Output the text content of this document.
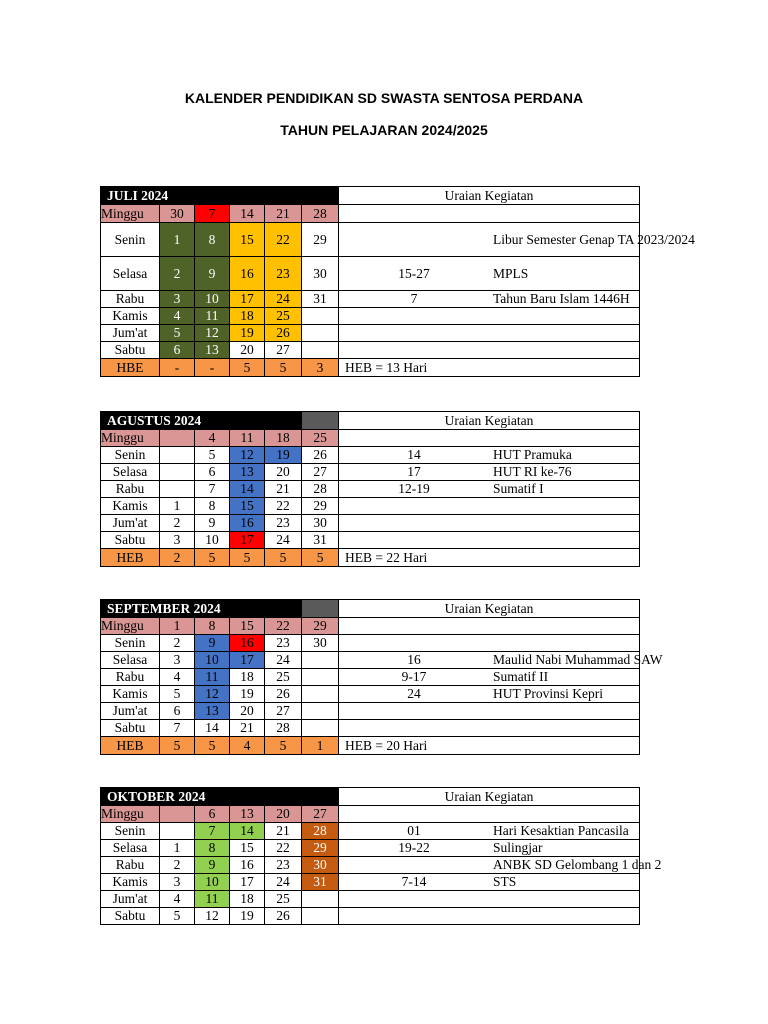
KALENDER PENDIDIKAN SD SWASTA SENTOSA PERDANA
TAHUN PELAJARAN 2024/2025
JULI 2024					
Minggu	30	7	14	21	28
Senin	1	8	15	22	29
Selasa	2	9	16	23	30
Rabu	3	10	17	24	31
Kamis	4	11	18	25	
Jum'at	5	12	19	26	
Sabtu	6	13	20	27	
HBE	-	-	5	5	3
Uraian Kegiatan	

	Libur Semester Genap TA 2023/2024
15-27	MPLS
7	Tahun Baru Islam 1446H

HEB = 13 Hari	
AGUSTUS 2024					
Minggu		4	11	18	25
Senin		5	12	19	26
Selasa		6	13	20	27
Rabu		7	14	21	28
Kamis	1	8	15	22	29
Jum'at	2	9	16	23	30
Sabtu	3	10	17	24	31
HEB	2	5	5	5	5
Uraian Kegiatan	

14	HUT Pramuka
17	HUT RI ke-76
12-19	Sumatif I

HEB = 22 Hari	
SEPTEMBER 2024					
Minggu	1	8	15	22	29
Senin	2	9	16	23	30
Selasa	3	10	17	24	
Rabu	4	11	18	25	
Kamis	5	12	19	26	
Jum'at	6	13	20	27	
Sabtu	7	14	21	28	
HEB	5	5	4	5	1
Uraian Kegiatan	

16	Maulid Nabi Muhammad SAW
9-17	Sumatif II
24	HUT Provinsi Kepri

HEB = 20 Hari	
OKTOBER 2024					
Minggu		6	13	20	27
Senin		7	14	21	28
Selasa	1	8	15	22	29
Rabu	2	9	16	23	30
Kamis	3	10	17	24	31
Jum'at	4	11	18	25	
Sabtu	5	12	19	26	
Uraian Kegiatan	

01	Hari Kesaktian Pancasila
19-22	Sulingjar
	ANBK SD Gelombang 1 dan 2
7-14	STS
